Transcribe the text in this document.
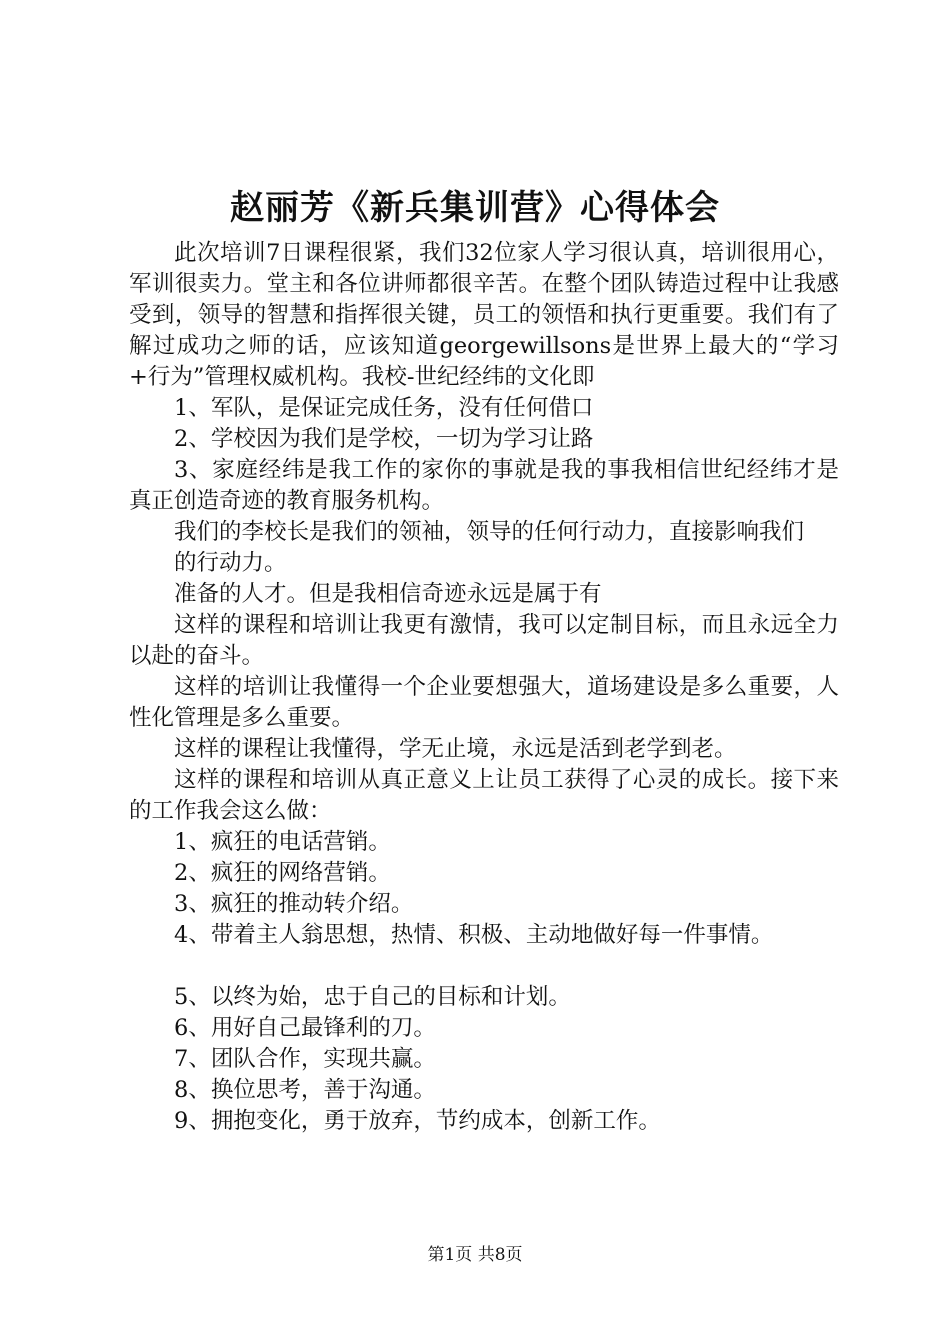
赵丽芳《新兵集训营》心得体会

此次培训7日课程很紧，我们32位家人学习很认真，培训很用心，军训很卖力。堂主和各位讲师都很辛苦。在整个团队铸造过程中让我感受到，领导的智慧和指挥很关键，员工的领悟和执行更重要。我们有了解过成功之师的话，应该知道georgewillsons是世界上最大的“学习+行为”管理权威机构。我校-世纪经纬的文化即

1、军队，是保证完成任务，没有任何借口

2、学校因为我们是学校，一切为学习让路

3、家庭经纬是我工作的家你的事就是我的事我相信世纪经纬才是真正创造奇迹的教育服务机构。

我们的李校长是我们的领袖，领导的任何行动力，直接影响我们

的行动力。

准备的人才。但是我相信奇迹永远是属于有

这样的课程和培训让我更有激情，我可以定制目标，而且永远全力以赴的奋斗。

这样的培训让我懂得一个企业要想强大，道场建设是多么重要，人性化管理是多么重要。

这样的课程让我懂得，学无止境，永远是活到老学到老。

这样的课程和培训从真正意义上让员工获得了心灵的成长。接下来的工作我会这么做：

1、疯狂的电话营销。

2、疯狂的网络营销。

3、疯狂的推动转介绍。

4、带着主人翁思想，热情、积极、主动地做好每一件事情。

5、以终为始，忠于自己的目标和计划。

6、用好自己最锋利的刀。

7、团队合作，实现共赢。

8、换位思考，善于沟通。

9、拥抱变化，勇于放弃，节约成本，创新工作。

第1页 共8页
